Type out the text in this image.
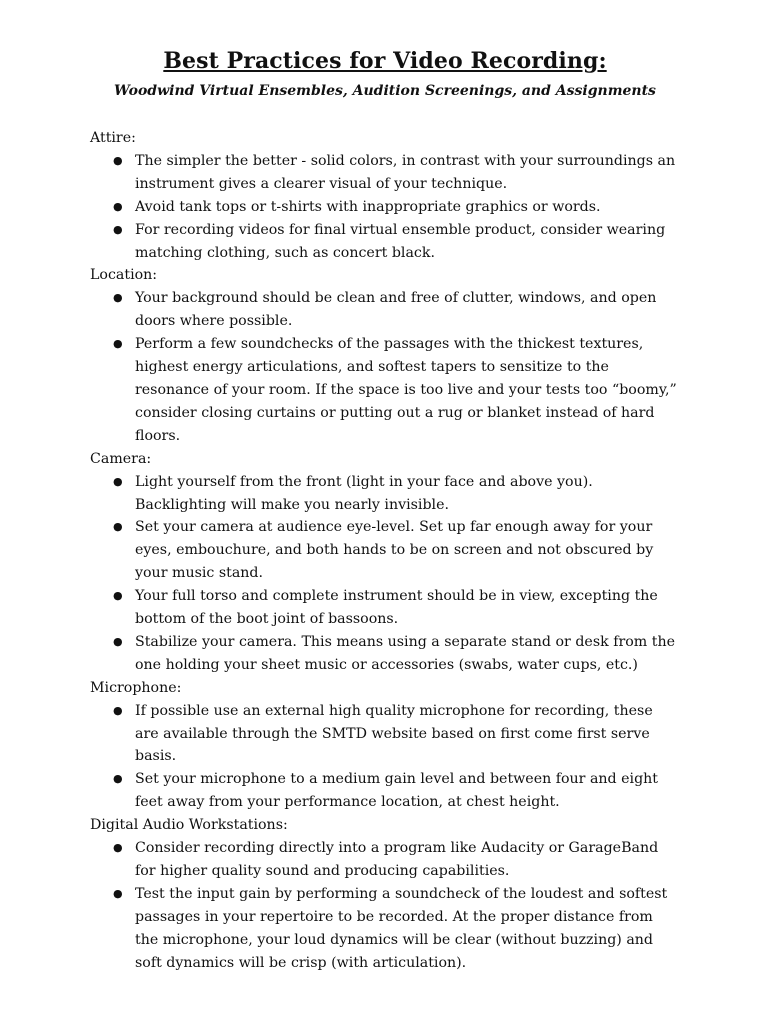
Best Practices for Video Recording:
Woodwind Virtual Ensembles, Audition Screenings, and Assignments

Attire:

● The simpler the better - solid colors, in contrast with your surroundings an instrument gives a clearer visual of your technique.
● Avoid tank tops or t-shirts with inappropriate graphics or words.
● For recording videos for final virtual ensemble product, consider wearing matching clothing, such as concert black.

Location:

● Your background should be clean and free of clutter, windows, and open doors where possible.
● Perform a few soundchecks of the passages with the thickest textures, highest energy articulations, and softest tapers to sensitize to the resonance of your room. If the space is too live and your tests too “boomy,” consider closing curtains or putting out a rug or blanket instead of hard floors.

Camera:

● Light yourself from the front (light in your face and above you). Backlighting will make you nearly invisible.
● Set your camera at audience eye-level. Set up far enough away for your eyes, embouchure, and both hands to be on screen and not obscured by your music stand.
● Your full torso and complete instrument should be in view, excepting the bottom of the boot joint of bassoons.
● Stabilize your camera. This means using a separate stand or desk from the one holding your sheet music or accessories (swabs, water cups, etc.)

Microphone:

● If possible use an external high quality microphone for recording, these are available through the SMTD website based on first come first serve basis.
● Set your microphone to a medium gain level and between four and eight feet away from your performance location, at chest height.

Digital Audio Workstations:

● Consider recording directly into a program like Audacity or GarageBand for higher quality sound and producing capabilities.
● Test the input gain by performing a soundcheck of the loudest and softest passages in your repertoire to be recorded. At the proper distance from the microphone, your loud dynamics will be clear (without buzzing) and soft dynamics will be crisp (with articulation).
